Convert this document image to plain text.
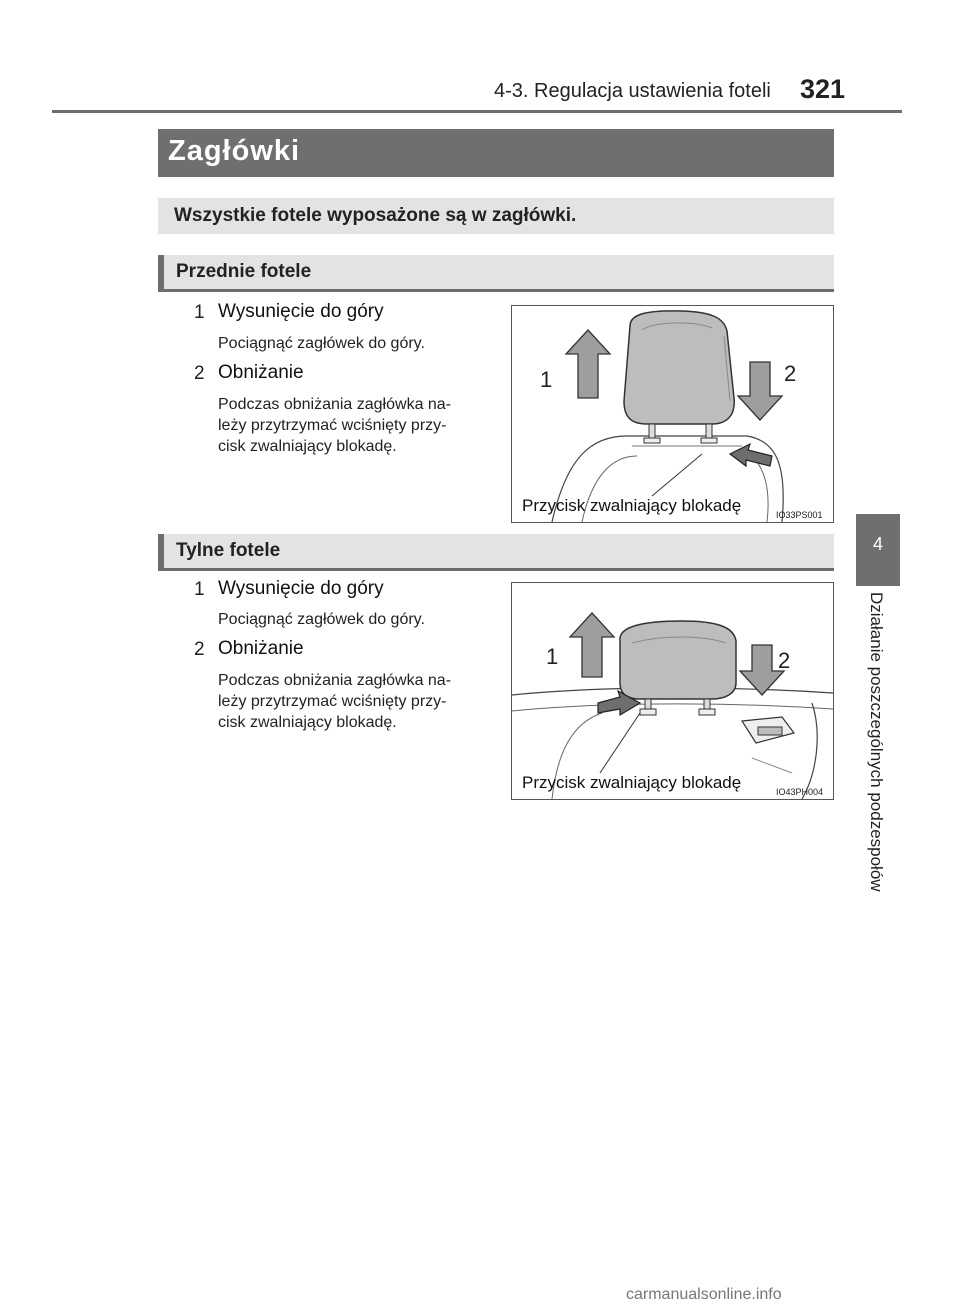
4-3. Regulacja ustawienia foteli 321
4
Działanie poszczególnych podzespołów
Zagłówki
Wszystkie fotele wyposażone są w zagłówki.
Przednie fotele
1 Wysunięcie do góry
Pociągnąć zagłówek do góry.
2 Obniżanie
Podczas obniżania zagłówka na-
leży przytrzymać wciśnięty przy-
cisk zwalniający blokadę.
Przycisk zwalniający blokadę	IO33PS001
1	2
Tylne fotele
1 Wysunięcie do góry
Pociągnąć zagłówek do góry.
2 Obniżanie
Podczas obniżania zagłówka na-
leży przytrzymać wciśnięty przy-
cisk zwalniający blokadę.
Przycisk zwalniający blokadę	IO43PH004
1	2
carmanualsonline.info
